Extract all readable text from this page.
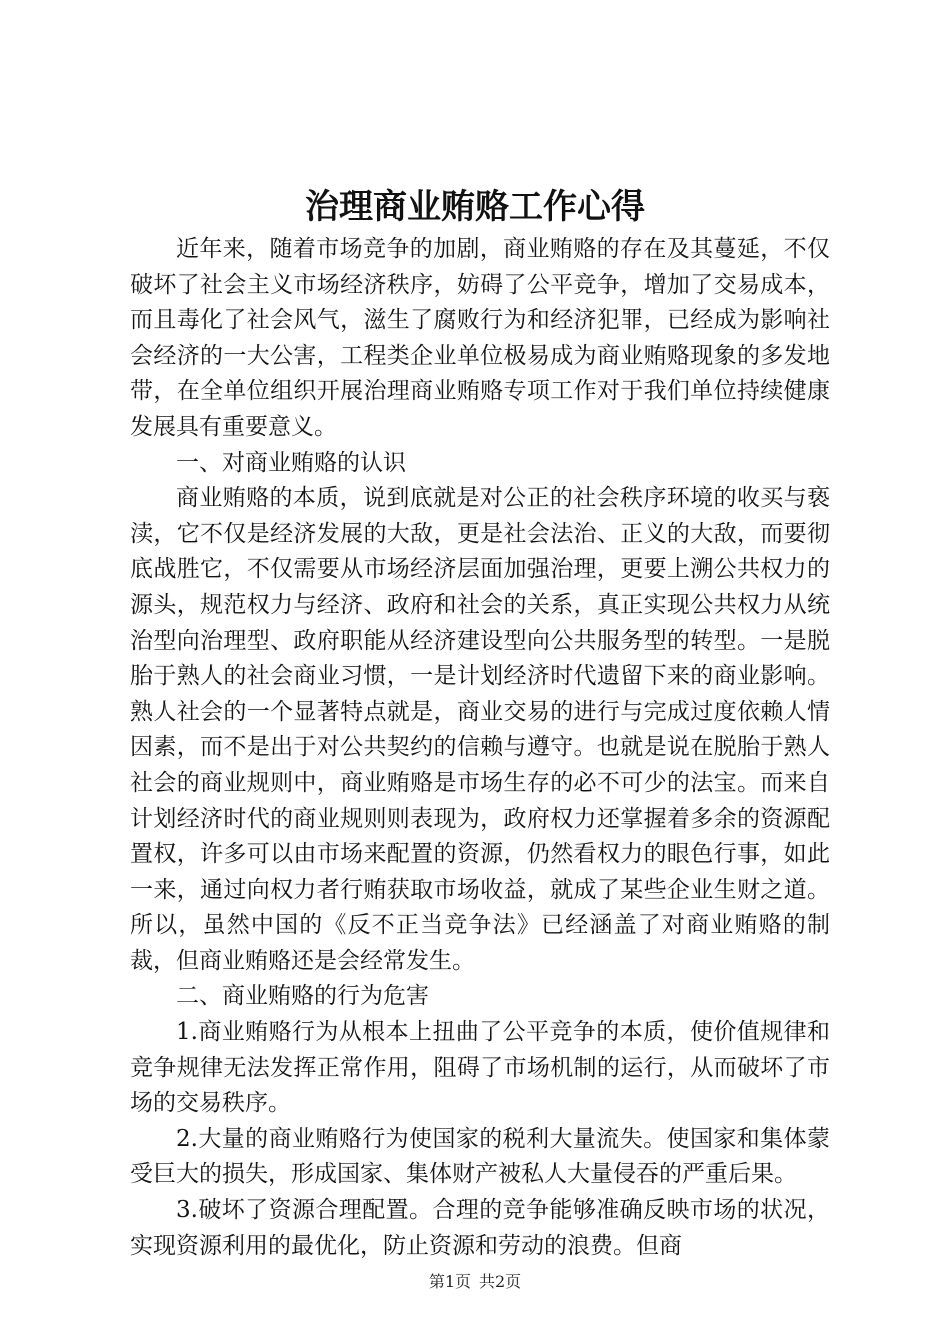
治理商业贿赂工作心得

近年来，随着市场竞争的加剧，商业贿赂的存在及其蔓延，不仅破坏了社会主义市场经济秩序，妨碍了公平竞争，增加了交易成本，而且毒化了社会风气，滋生了腐败行为和经济犯罪，已经成为影响社会经济的一大公害，工程类企业单位极易成为商业贿赂现象的多发地带，在全单位组织开展治理商业贿赂专项工作对于我们单位持续健康发展具有重要意义。

一、对商业贿赂的认识

商业贿赂的本质，说到底就是对公正的社会秩序环境的收买与亵渎，它不仅是经济发展的大敌，更是社会法治、正义的大敌，而要彻底战胜它，不仅需要从市场经济层面加强治理，更要上溯公共权力的源头，规范权力与经济、政府和社会的关系，真正实现公共权力从统治型向治理型、政府职能从经济建设型向公共服务型的转型。一是脱胎于熟人的社会商业习惯，一是计划经济时代遗留下来的商业影响。熟人社会的一个显著特点就是，商业交易的进行与完成过度依赖人情因素，而不是出于对公共契约的信赖与遵守。也就是说在脱胎于熟人社会的商业规则中，商业贿赂是市场生存的必不可少的法宝。而来自计划经济时代的商业规则则表现为，政府权力还掌握着多余的资源配置权，许多可以由市场来配置的资源，仍然看权力的眼色行事，如此一来，通过向权力者行贿获取市场收益，就成了某些企业生财之道。所以，虽然中国的《反不正当竞争法》已经涵盖了对商业贿赂的制裁，但商业贿赂还是会经常发生。

二、商业贿赂的行为危害

1.商业贿赂行为从根本上扭曲了公平竞争的本质，使价值规律和竞争规律无法发挥正常作用，阻碍了市场机制的运行，从而破坏了市场的交易秩序。

2.大量的商业贿赂行为使国家的税利大量流失。使国家和集体蒙受巨大的损失，形成国家、集体财产被私人大量侵吞的严重后果。

3.破坏了资源合理配置。合理的竞争能够准确反映市场的状况，实现资源利用的最优化，防止资源和劳动的浪费。但商

第1页 共2页
